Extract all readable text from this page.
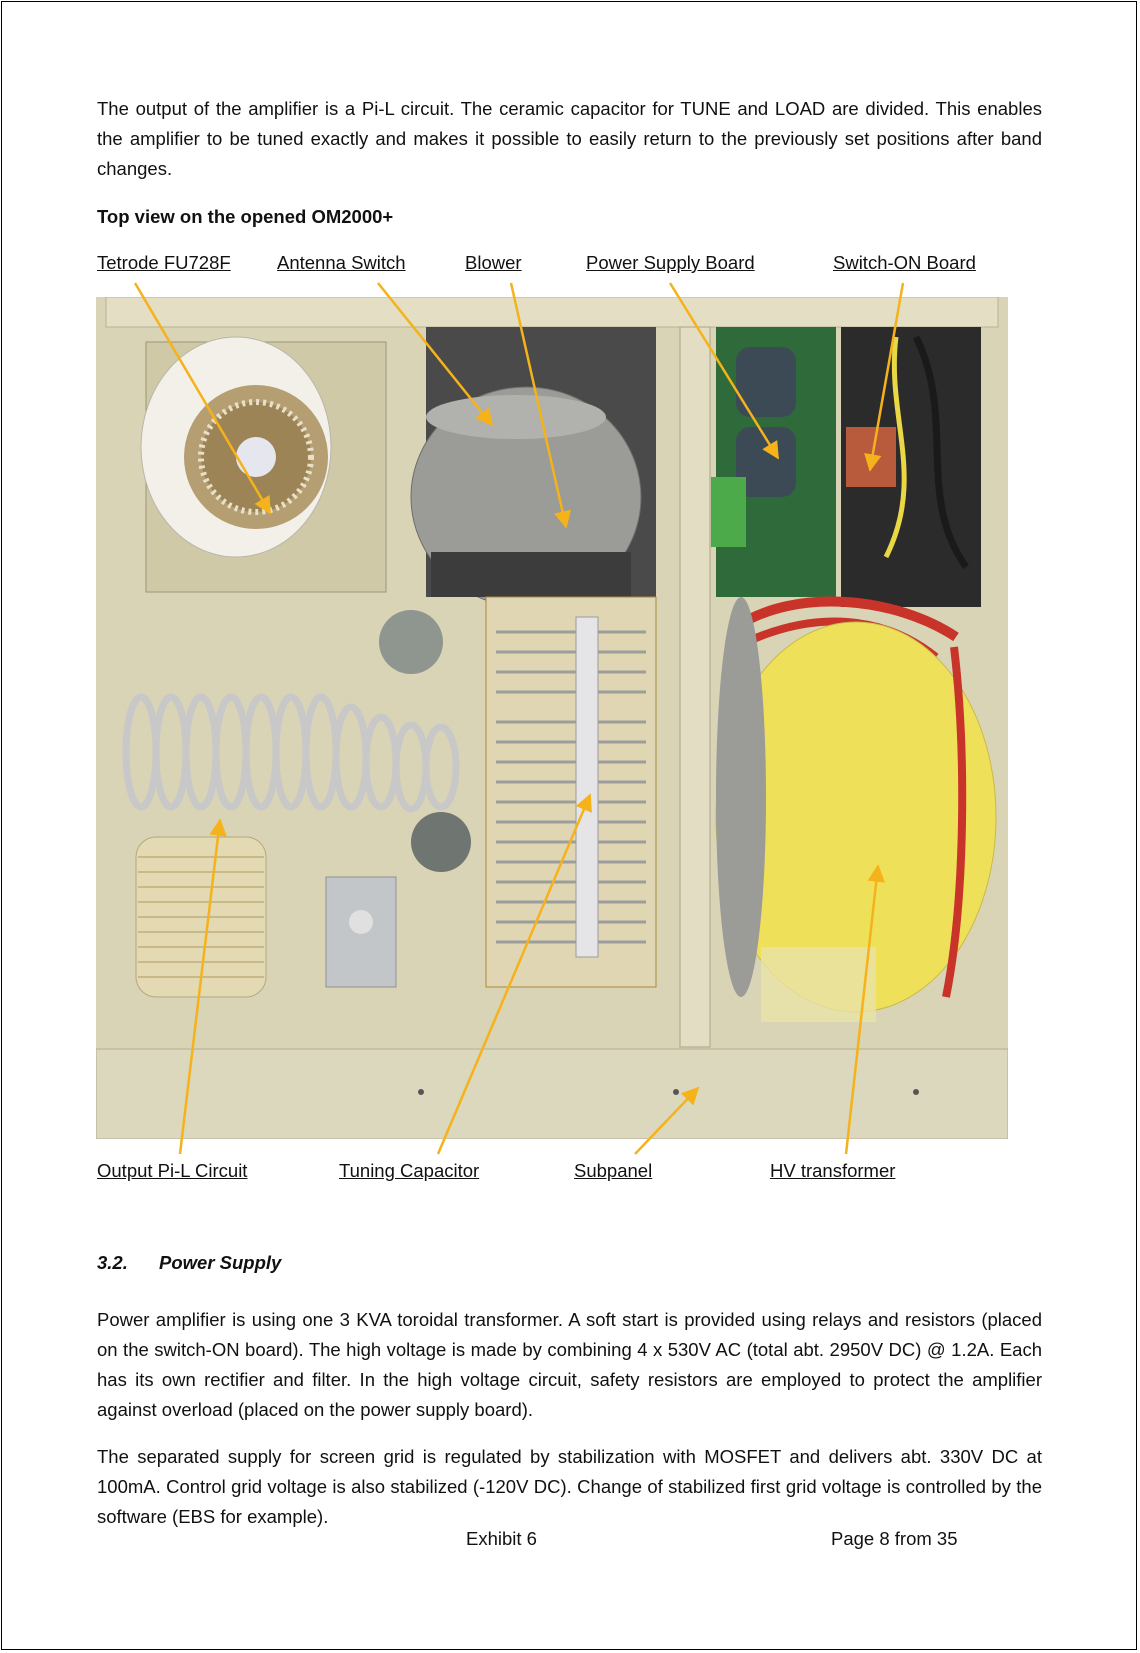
The output of the amplifier is a Pi-L circuit. The ceramic capacitor for TUNE and LOAD are divided. This enables the amplifier to be tuned exactly and makes it possible to easily return to the previously set positions after band changes.

Top view on the opened OM2000+

Tetrode FU728F	Antenna Switch	Blower	Power Supply Board	Switch-ON Board
Output Pi-L Circuit	Tuning Capacitor	Subpanel	HV transformer
3.2. Power Supply

Power amplifier is using one 3 KVA toroidal transformer. A soft start is provided using relays and resistors (placed on the switch-ON board). The high voltage is made by combining 4 x 530V AC (total abt. 2950V DC) @ 1.2A. Each has its own rectifier and filter. In the high voltage circuit, safety resistors are employed to protect the amplifier against overload (placed on the power supply board).

The separated supply for screen grid is regulated by stabilization with MOSFET and delivers abt. 330V DC at 100mA. Control grid voltage is also stabilized (-120V DC). Change of stabilized first grid voltage is controlled by the software (EBS for example).

Exhibit 6	Page 8 from 35
